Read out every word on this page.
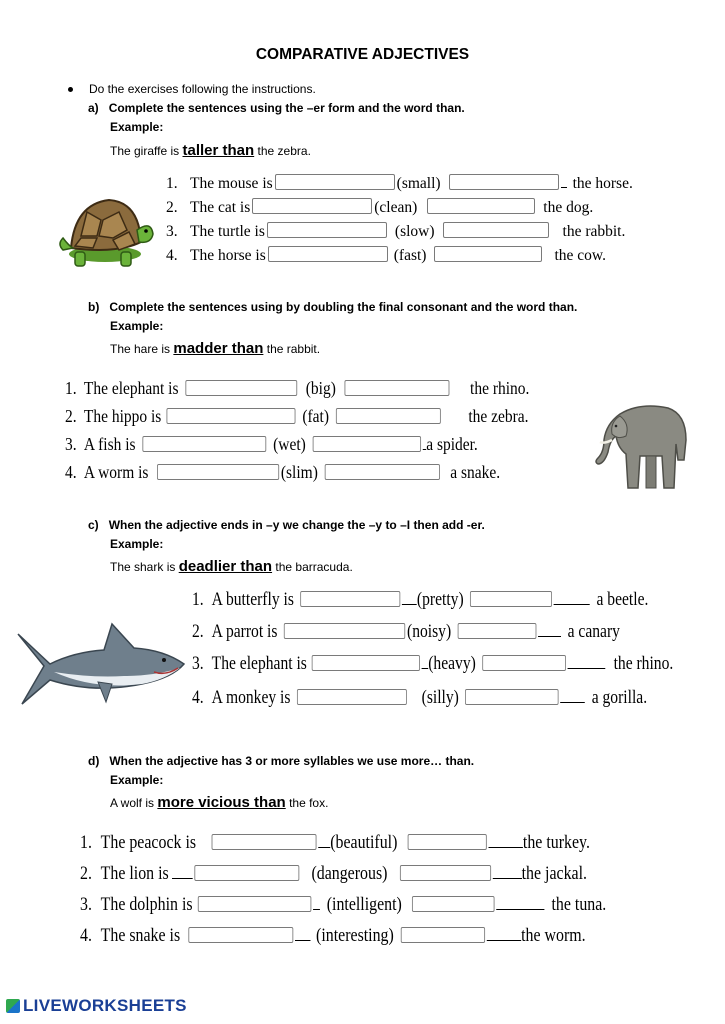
COMPARATIVE ADJECTIVES
Do the exercises following the instructions.
a) Complete the sentences using the –er form and the word than.
Example:
The giraffe is taller than the zebra.
1. The mouse is	(small)	the horse.
2. The cat is	(clean)	the dog.
3. The turtle is	(slow)	the rabbit.
4. The horse is	(fast)	the cow.
b) Complete the sentences using by doubling the final consonant and the word than.
Example:
The hare is madder than the rabbit.
1. The elephant is	(big)	the rhino.
2. The hippo is	(fat)	the zebra.
3. A fish is	(wet)	a spider.
4. A worm is	(slim)	a snake.
c) When the adjective ends in –y we change the –y to –I then add -er.
Example:
The shark is deadlier than the barracuda.
1. A butterfly is	(pretty)	a beetle.
2. A parrot is	(noisy)	a canary
3. The elephant is	(heavy)	the rhino.
4. A monkey is	(silly)	a gorilla.
d) When the adjective has 3 or more syllables we use more… than.
Example:
A wolf is more vicious than the fox.
1. The peacock is	(beautiful)	the turkey.
2. The lion is	(dangerous)	the jackal.
3. The dolphin is	(intelligent)	the tuna.
4. The snake is	(interesting)	the worm.
LIVEWORKSHEETS
